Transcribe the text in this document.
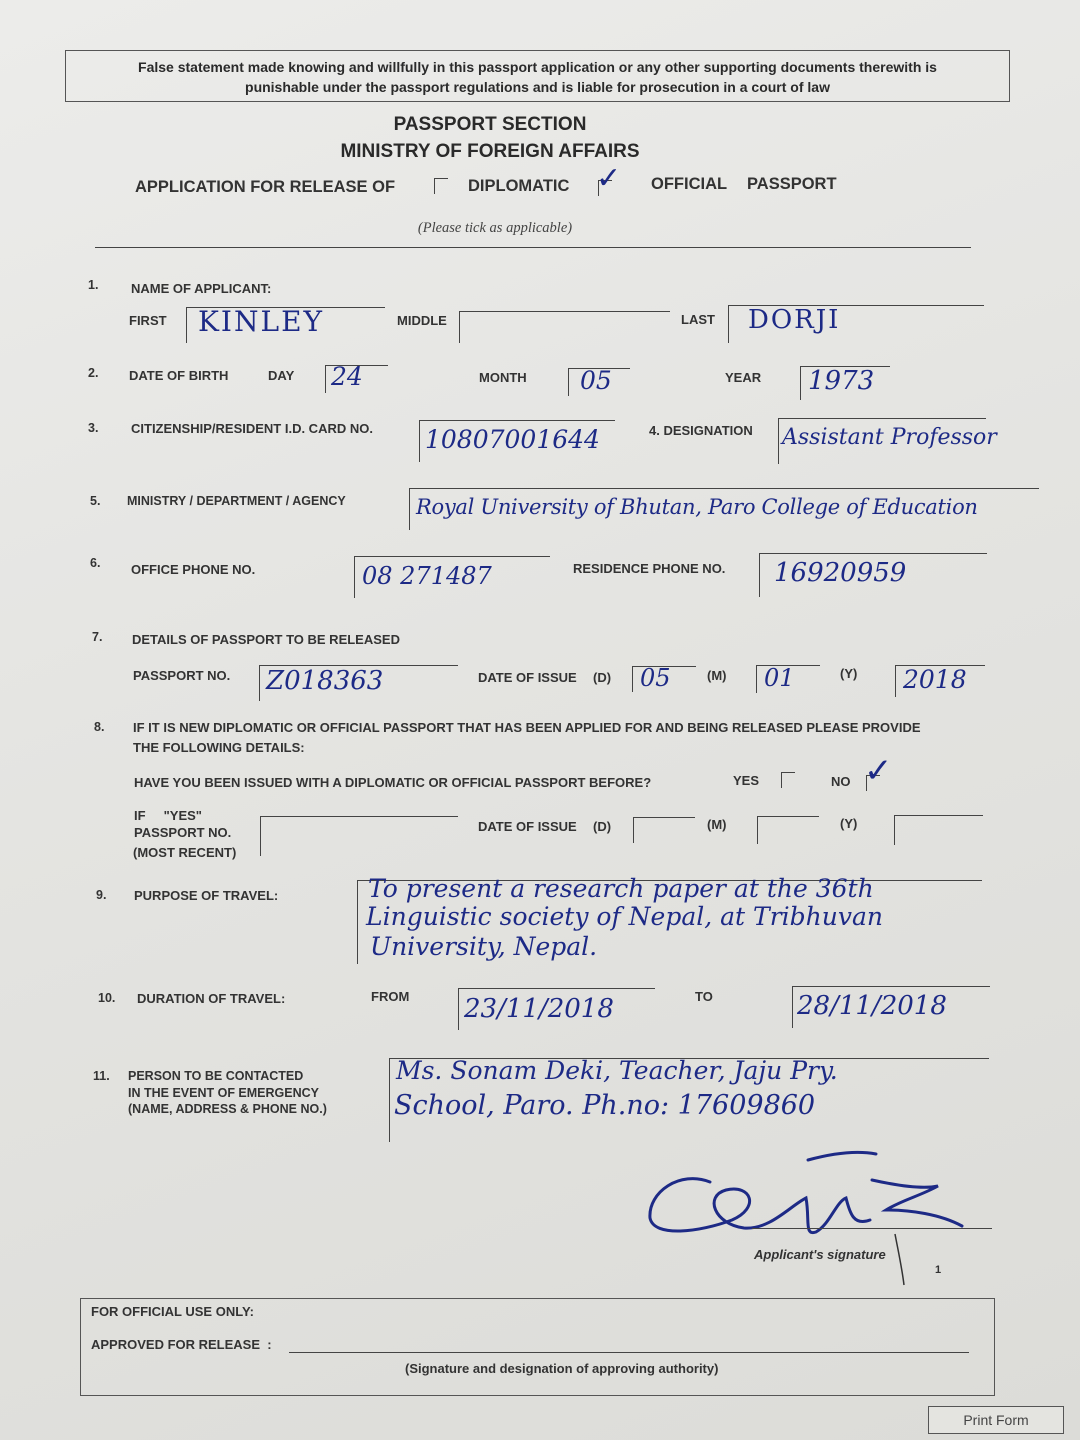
False statement made knowing and willfully in this passport application or any other supporting documents therewith is
punishable under the passport regulations and is liable for prosecution in a court of law
PASSPORT SECTION
MINISTRY OF FOREIGN AFFAIRS
APPLICATION FOR RELEASE OF	DIPLOMATIC ✓ OFFICIAL PASSPORT
(Please tick as applicable)
1.	NAME OF APPLICANT:
FIRST KINLEY	MIDDLE	LAST DORJI
2. DATE OF BIRTH	DAY 24	MONTH 05	YEAR 1973
3.	CITIZENSHIP/RESIDENT I.D. CARD NO. 10807001644	4. DESIGNATION Assistant Professor
5. MINISTRY / DEPARTMENT / AGENCY	Royal University of Bhutan, Paro College of Education
6. OFFICE PHONE NO.	08 271487	RESIDENCE PHONE NO. 16920959
7. DETAILS OF PASSPORT TO BE RELEASED
PASSPORT NO. Z018363	DATE OF ISSUE (D) 05	(M) 01	(Y) 2018
8. IF IT IS NEW DIPLOMATIC OR OFFICIAL PASSPORT THAT HAS BEEN APPLIED FOR AND BEING RELEASED PLEASE PROVIDE
THE FOLLOWING DETAILS:
HAVE YOU BEEN ISSUED WITH A DIPLOMATIC OR OFFICIAL PASSPORT BEFORE?	YES	NO ✓
IF     "YES"
PASSPORT NO.
(MOST RECENT)
DATE OF ISSUE (D)	(M)	(Y)
9. PURPOSE OF TRAVEL:	To present a research paper at the 36th
Linguistic society of Nepal, at Tribhuvan
University, Nepal.
10. DURATION OF TRAVEL:	FROM 23/11/2018	TO	28/11/2018
11. PERSON TO BE CONTACTED
IN THE EVENT OF EMERGENCY
(NAME, ADDRESS & PHONE NO.)
Ms. Sonam Deki, Teacher, Jaju Pry.
School, Paro. Ph.no: 17609860
Applicant's signature
1
FOR OFFICIAL USE ONLY:
APPROVED FOR RELEASE  :
(Signature and designation of approving authority)
Print Form
